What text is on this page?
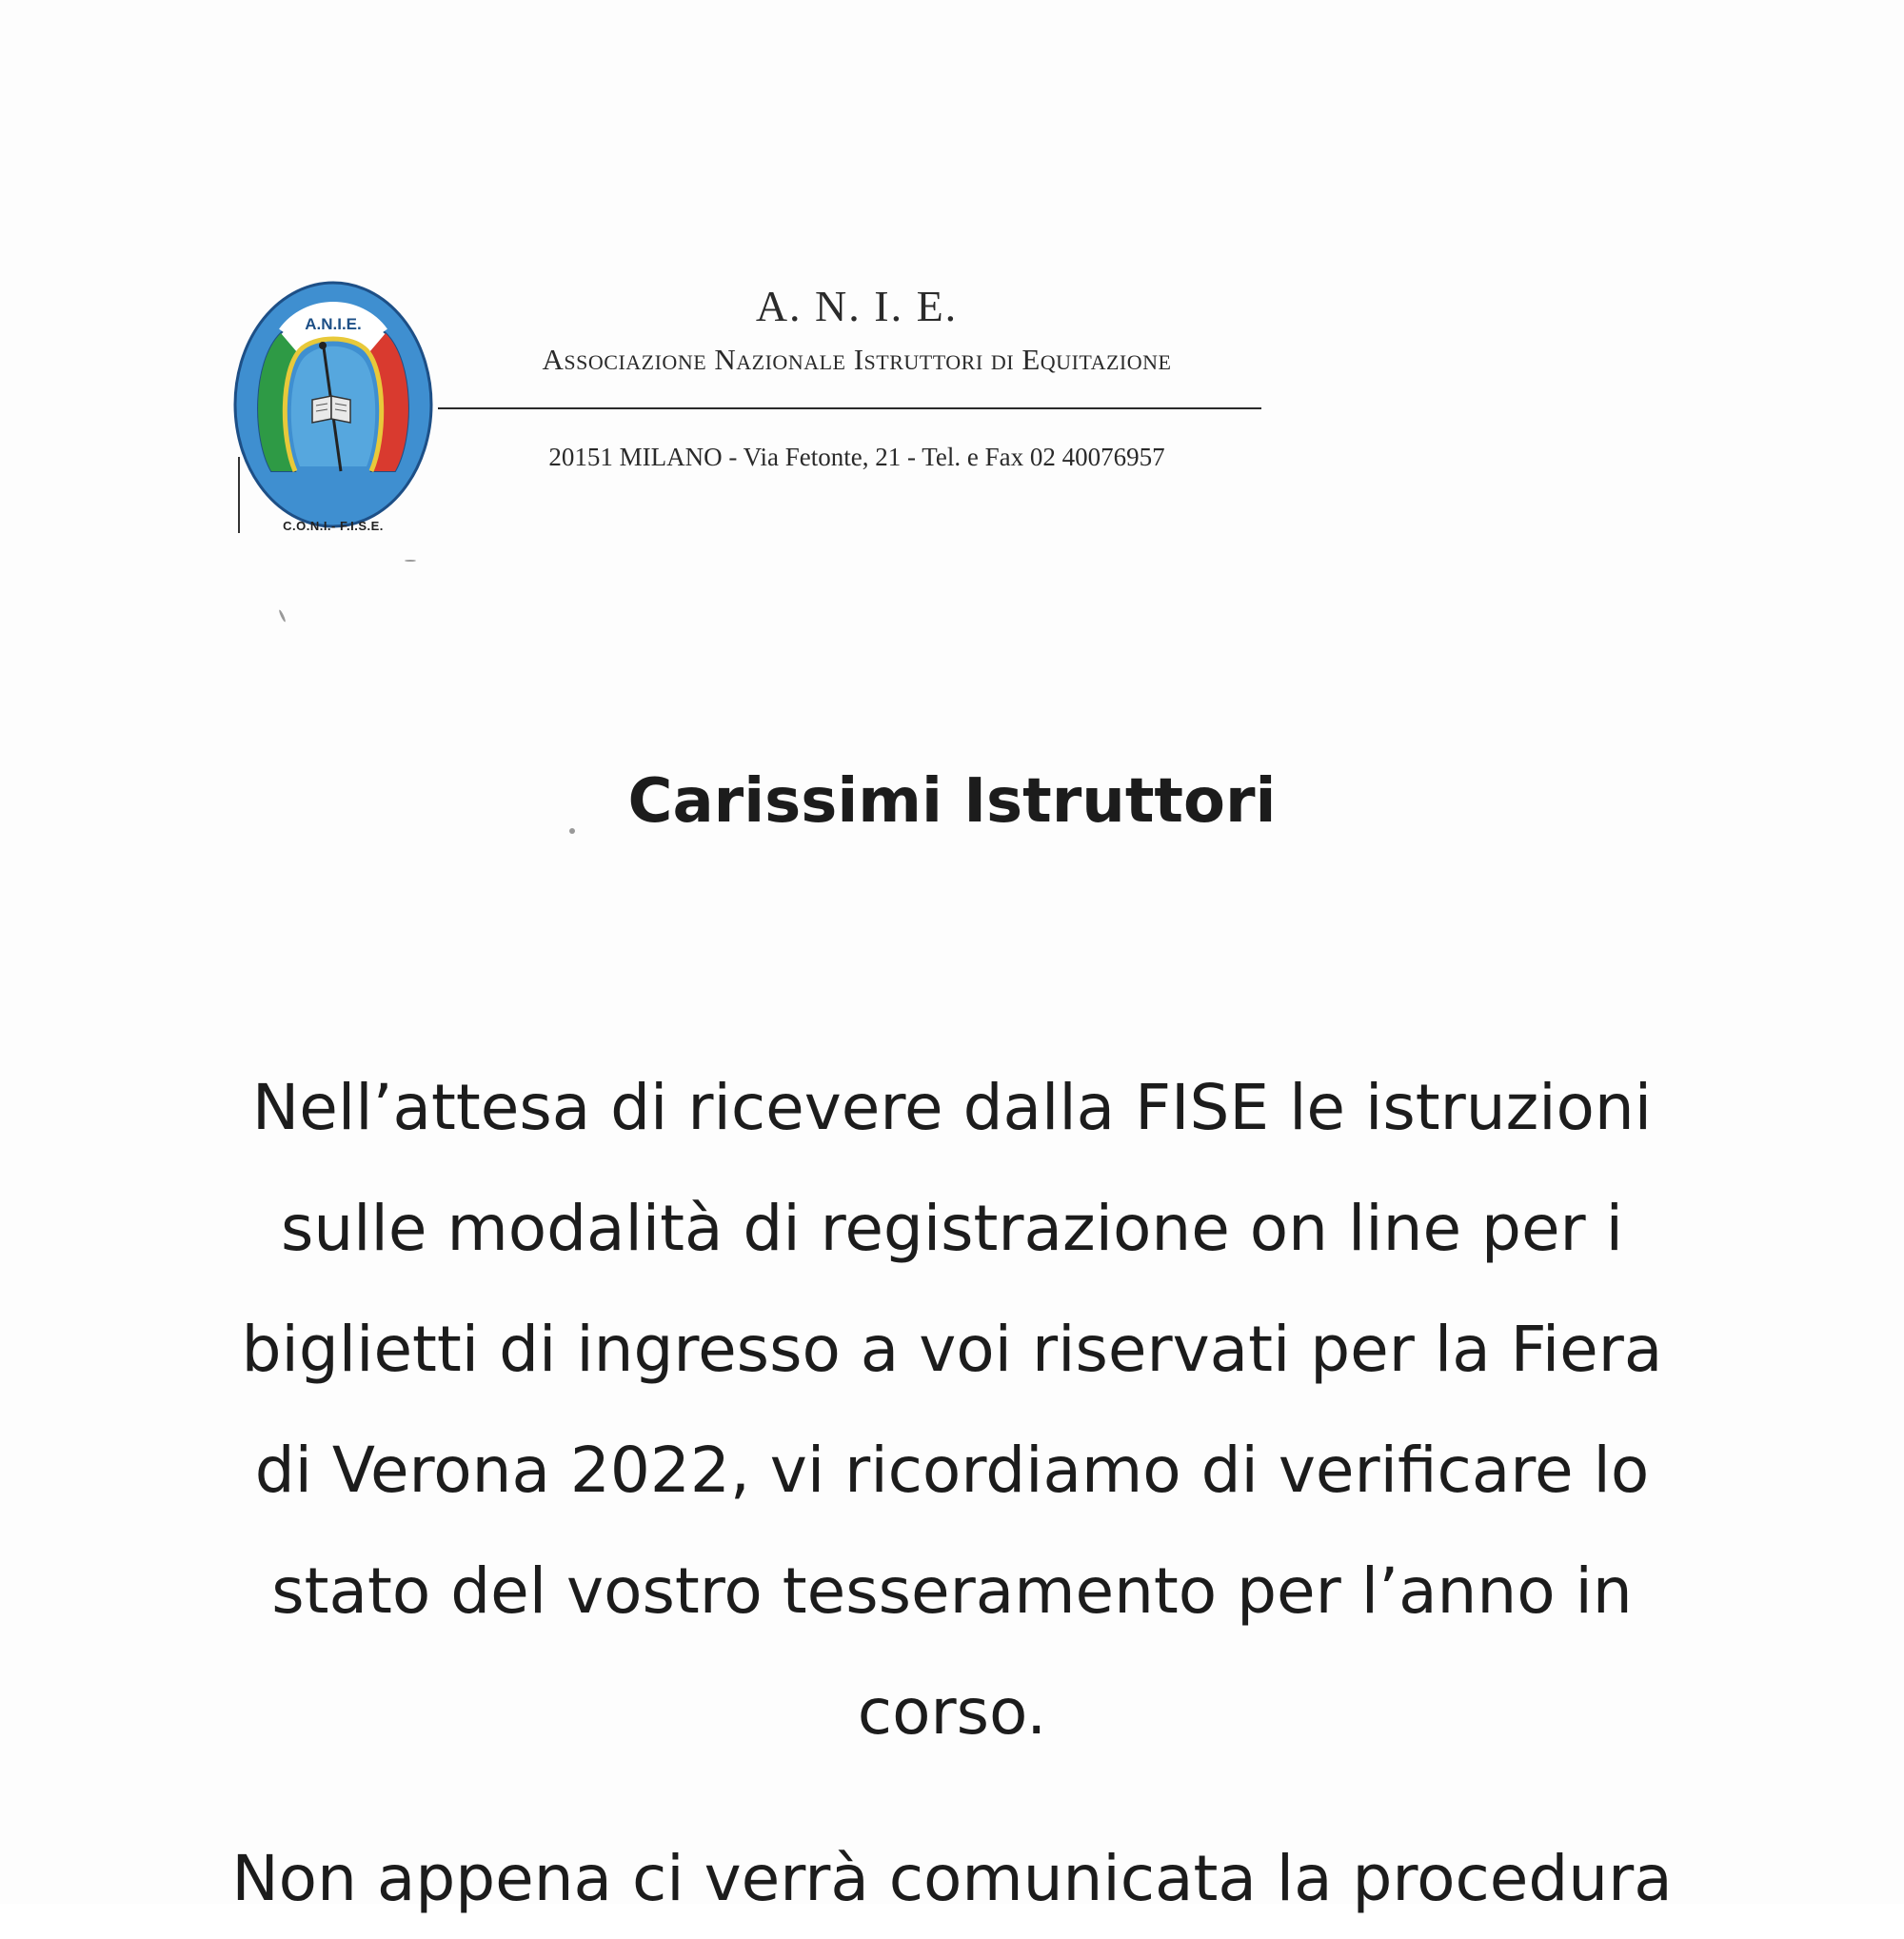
A.N.I.E.
C.O.N.I.- F.I.S.E.
A. N. I. E.
Associazione Nazionale Istruttori di Equitazione
20151 MILANO - Via Fetonte, 21 - Tel. e Fax 02 40076957
Carissimi Istruttori
Nell’attesa di ricevere dalla FISE le istruzioni
sulle modalità di registrazione on line per i
biglietti di ingresso a voi riservati per la Fiera
di Verona 2022, vi ricordiamo di verificare lo
stato del vostro tesseramento per l’anno in
corso.
Non appena ci verrà comunicata la procedura
